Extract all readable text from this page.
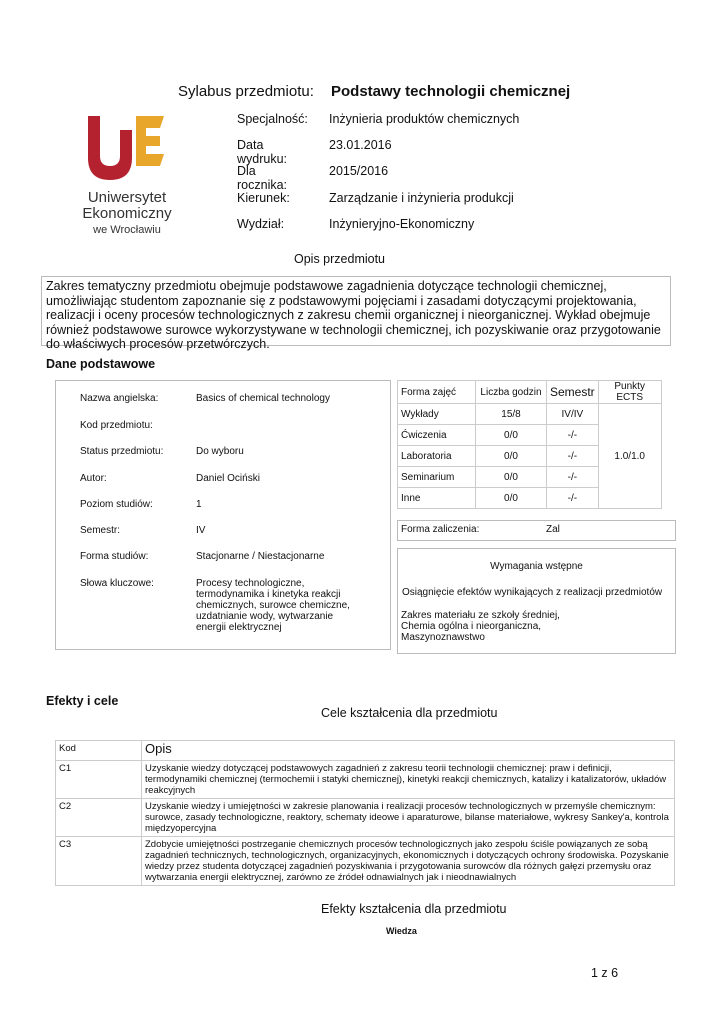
Uniwersytet
Ekonomiczny
we Wrocławiu
Sylabus przedmiotu: Podstawy technologii chemicznej
Specjalność: Inżynieria produktów chemicznych
Data wydruku:
23.01.2016
Dla rocznika:
2015/2016
Kierunek:	Zarządzanie i inżynieria produkcji
Wydział:	Inżynieryjno-Ekonomiczny
Opis przedmiotu
Zakres tematyczny przedmiotu obejmuje podstawowe zagadnienia dotyczące technologii chemicznej, umożliwiając studentom zapoznanie się z podstawowymi pojęciami i zasadami dotyczącymi projektowania, realizacji i oceny procesów technologicznych z zakresu chemii organicznej i nieorganicznej. Wykład obejmuje również podstawowe surowce wykorzystywane w technologii chemicznej, ich pozyskiwanie oraz przygotowanie do właściwych procesów przetwórczych.
Dane podstawowe
Nazwa angielska:	Basics of chemical technology
Kod przedmiotu:
Status przedmiotu:	Do wyboru
Autor:	Daniel Ociński
Poziom studiów:	1
Semestr:	IV
Forma studiów:	Stacjonarne / Niestacjonarne
Słowa kluczowe:	Procesy technologiczne, termodynamika i kinetyka reakcji chemicznych, surowce chemiczne, uzdatnianie wody, wytwarzanie energii elektrycznej
Forma zajęć	Liczba godzin	Semestr	Punkty ECTS
Wykłady	15/8	IV/IV	1.0/1.0
Ćwiczenia	0/0	-/-	
Laboratoria	0/0	-/-	
Seminarium	0/0	-/-	
Inne	0/0	-/-	
Forma zaliczenia:	Zal
Wymagania wstępne
Osiągnięcie efektów wynikających z realizacji przedmiotów
Zakres materiału ze szkoły średniej,
Chemia ogólna i nieorganiczna,
Maszynoznawstwo
Efekty i cele
Cele kształcenia dla przedmiotu
Kod	Opis
C1	Uzyskanie wiedzy dotyczącej podstawowych zagadnień z zakresu teorii technologii chemicznej: praw i definicji, termodynamiki chemicznej (termochemii i statyki chemicznej), kinetyki reakcji chemicznych, katalizy i katalizatorów, układów reakcyjnych
C2	Uzyskanie wiedzy i umiejętności w zakresie planowania i realizacji procesów technologicznych w przemyśle chemicznym: surowce, zasady technologiczne, reaktory, schematy ideowe i aparaturowe, bilanse materiałowe, wykresy Sankey'a, kontrola międzyopercyjna
C3	Zdobycie umiejętności postrzeganie chemicznych procesów technologicznych jako zespołu ściśle powiązanych ze sobą zagadnień technicznych, technologicznych, organizacyjnych, ekonomicznych i dotyczących ochrony środowiska. Pozyskanie wiedzy przez studenta dotyczącej zagadnień pozyskiwania i przygotowania surowców dla różnych gałęzi przemysłu oraz wytwarzania energii elektrycznej, zarówno ze źródeł odnawialnych jak i nieodnawialnych
Efekty kształcenia dla przedmiotu
Wiedza
1 z 6
